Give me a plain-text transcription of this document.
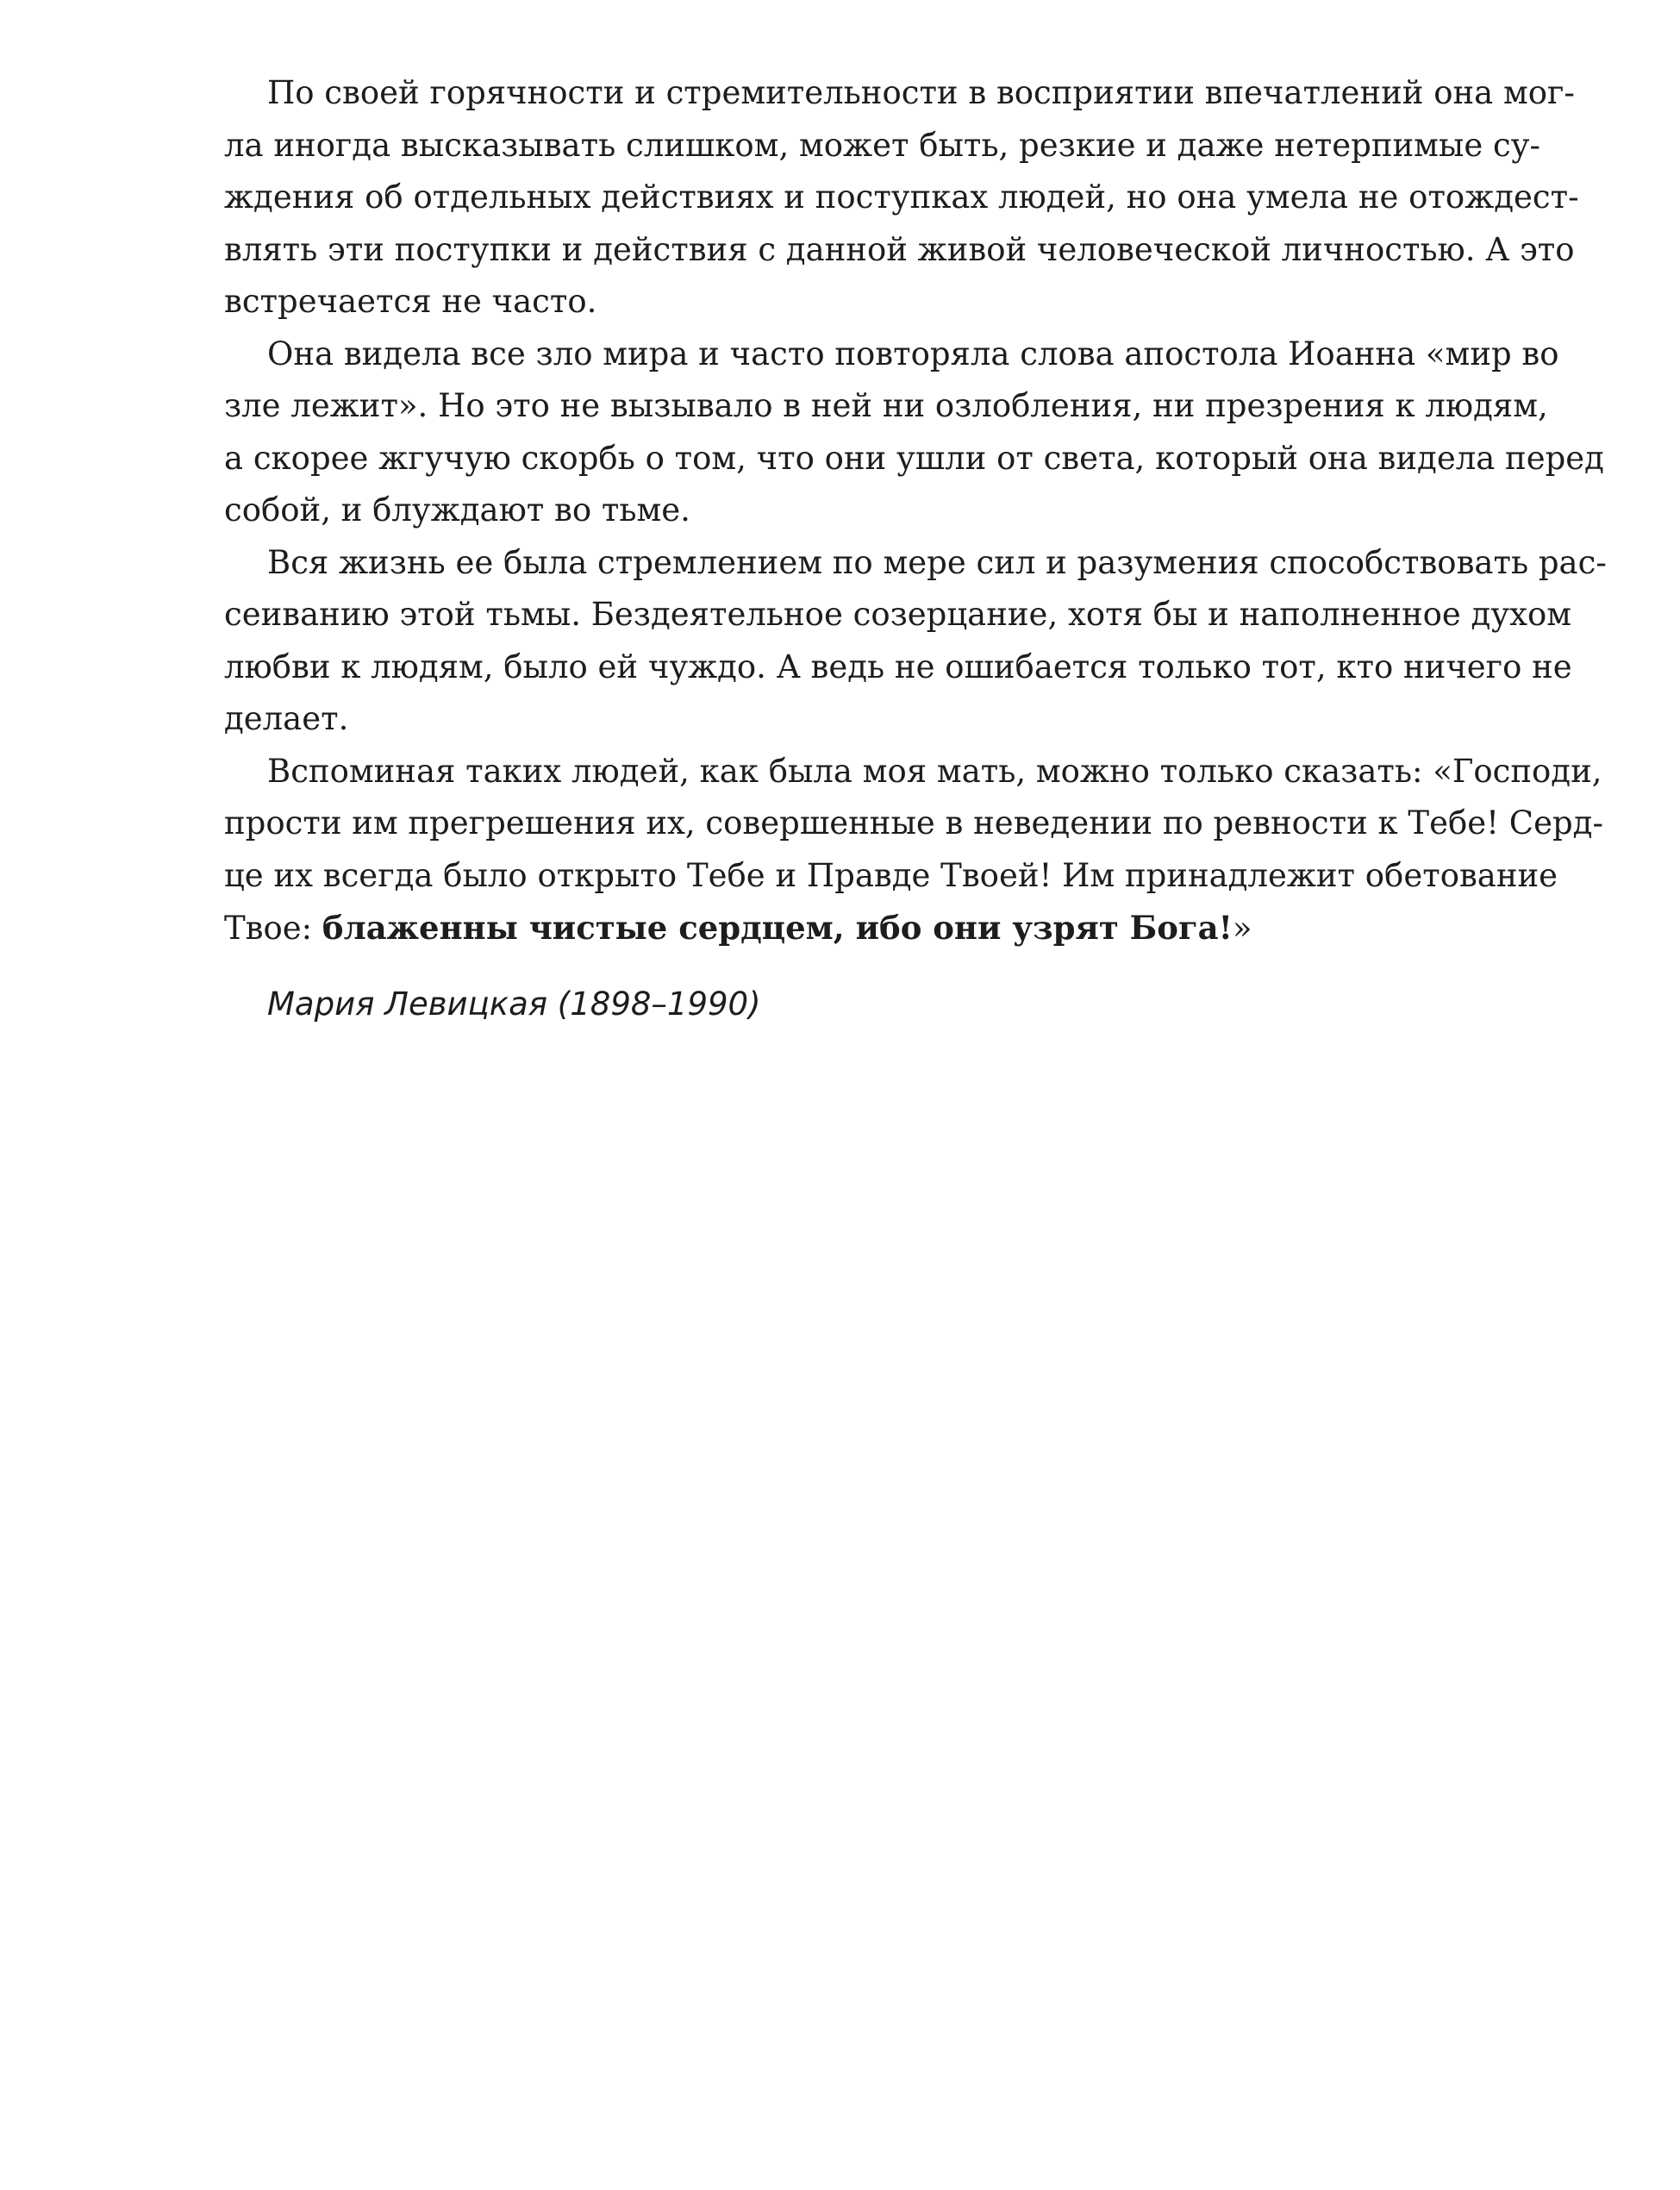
По своей горячности и стремительности в восприятии впечатлений она мог-
ла иногда высказывать слишком, может быть, резкие и даже нетерпимые су-
ждения об отдельных действиях и поступках людей, но она умела не отождест-
влять эти поступки и действия с данной живой человеческой личностью. А это
встречается не часто.
Она видела все зло мира и часто повторяла слова апостола Иоанна «мир во
зле лежит». Но это не вызывало в ней ни озлобления, ни презрения к людям,
а скорее жгучую скорбь о том, что они ушли от света, который она видела перед
собой, и блуждают во тьме.
Вся жизнь ее была стремлением по мере сил и разумения способствовать рас-
сеиванию этой тьмы. Бездеятельное созерцание, хотя бы и наполненное духом
любви к людям, было ей чуждо. А ведь не ошибается только тот, кто ничего не
делает.
Вспоминая таких людей, как была моя мать, можно только сказать: «Господи,
прости им прегрешения их, совершенные в неведении по ревности к Тебе! Серд-
це их всегда было открыто Тебе и Правде Твоей! Им принадлежит обетование
Твое: блаженны чистые сердцем, ибо они узрят Бога!»
Мария Левицкая (1898–1990)
